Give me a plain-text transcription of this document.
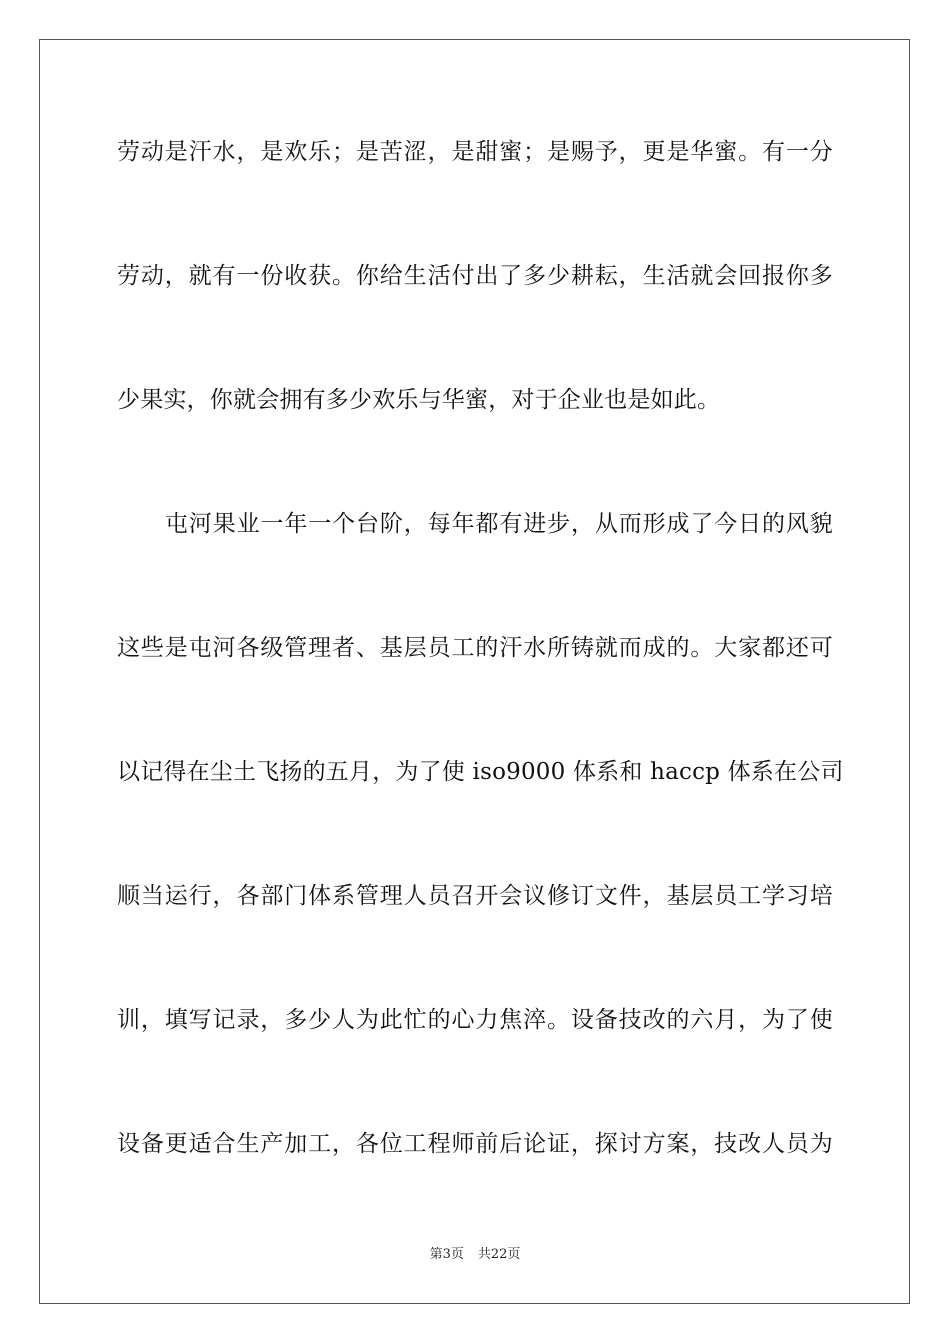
劳动是汗水，是欢乐；是苦涩，是甜蜜；是赐予，更是华蜜。有一分
劳动，就有一份收获。你给生活付出了多少耕耘，生活就会回报你多
少果实，你就会拥有多少欢乐与华蜜，对于企业也是如此。
屯河果业一年一个台阶，每年都有进步，从而形成了今日的风貌
这些是屯河各级管理者、基层员工的汗水所铸就而成的。大家都还可
以记得在尘土飞扬的五月，为了使 iso9000 体系和 haccp 体系在公司
顺当运行，各部门体系管理人员召开会议修订文件，基层员工学习培
训，填写记录，多少人为此忙的心力焦淬。设备技改的六月，为了使
设备更适合生产加工，各位工程师前后论证，探讨方案，技改人员为
第3页 共22页
